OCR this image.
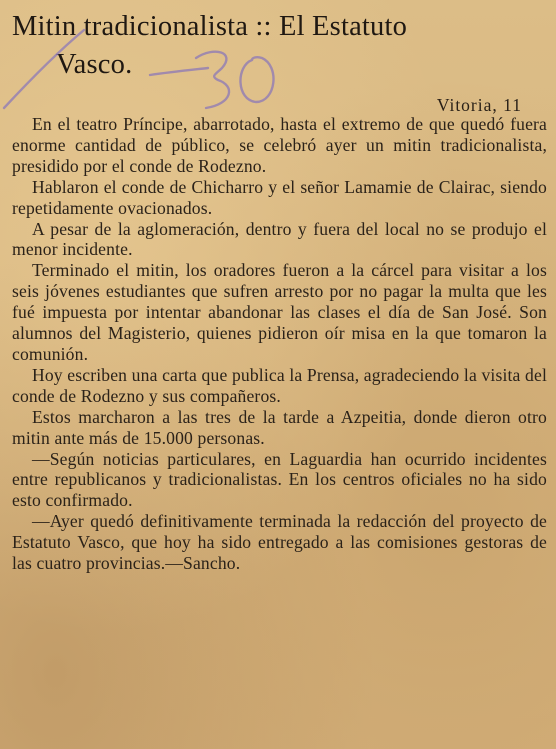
Mitin tradicionalista :: El Estatuto
Vasco.
Vitoria, 11

En el teatro Príncipe, abarrotado, hasta el extremo de que quedó fuera enorme cantidad de público, se celebró ayer un mitin tradicionalista, presidido por el conde de Rodezno.

Hablaron el conde de Chicharro y el señor Lamamie de Clairac, siendo repetidamente ovacionados.

A pesar de la aglomeración, dentro y fuera del local no se produjo el menor incidente.

Terminado el mitin, los oradores fueron a la cárcel para visitar a los seis jóvenes estudiantes que sufren arresto por no pagar la multa que les fué impuesta por intentar abandonar las clases el día de San José. Son alumnos del Magisterio, quienes pidieron oír misa en la que tomaron la comunión.

Hoy escriben una carta que publica la Prensa, agradeciendo la visita del conde de Rodezno y sus compañeros.

Estos marcharon a las tres de la tarde a Azpeitia, donde dieron otro mitin ante más de 15.000 personas.

—Según noticias particulares, en Laguardia han ocurrido incidentes entre republicanos y tradicionalistas. En los centros oficiales no ha sido esto confirmado.

—Ayer quedó definitivamente terminada la redacción del proyecto de Estatuto Vasco, que hoy ha sido entregado a las comisiones gestoras de las cuatro provincias.—Sancho.
